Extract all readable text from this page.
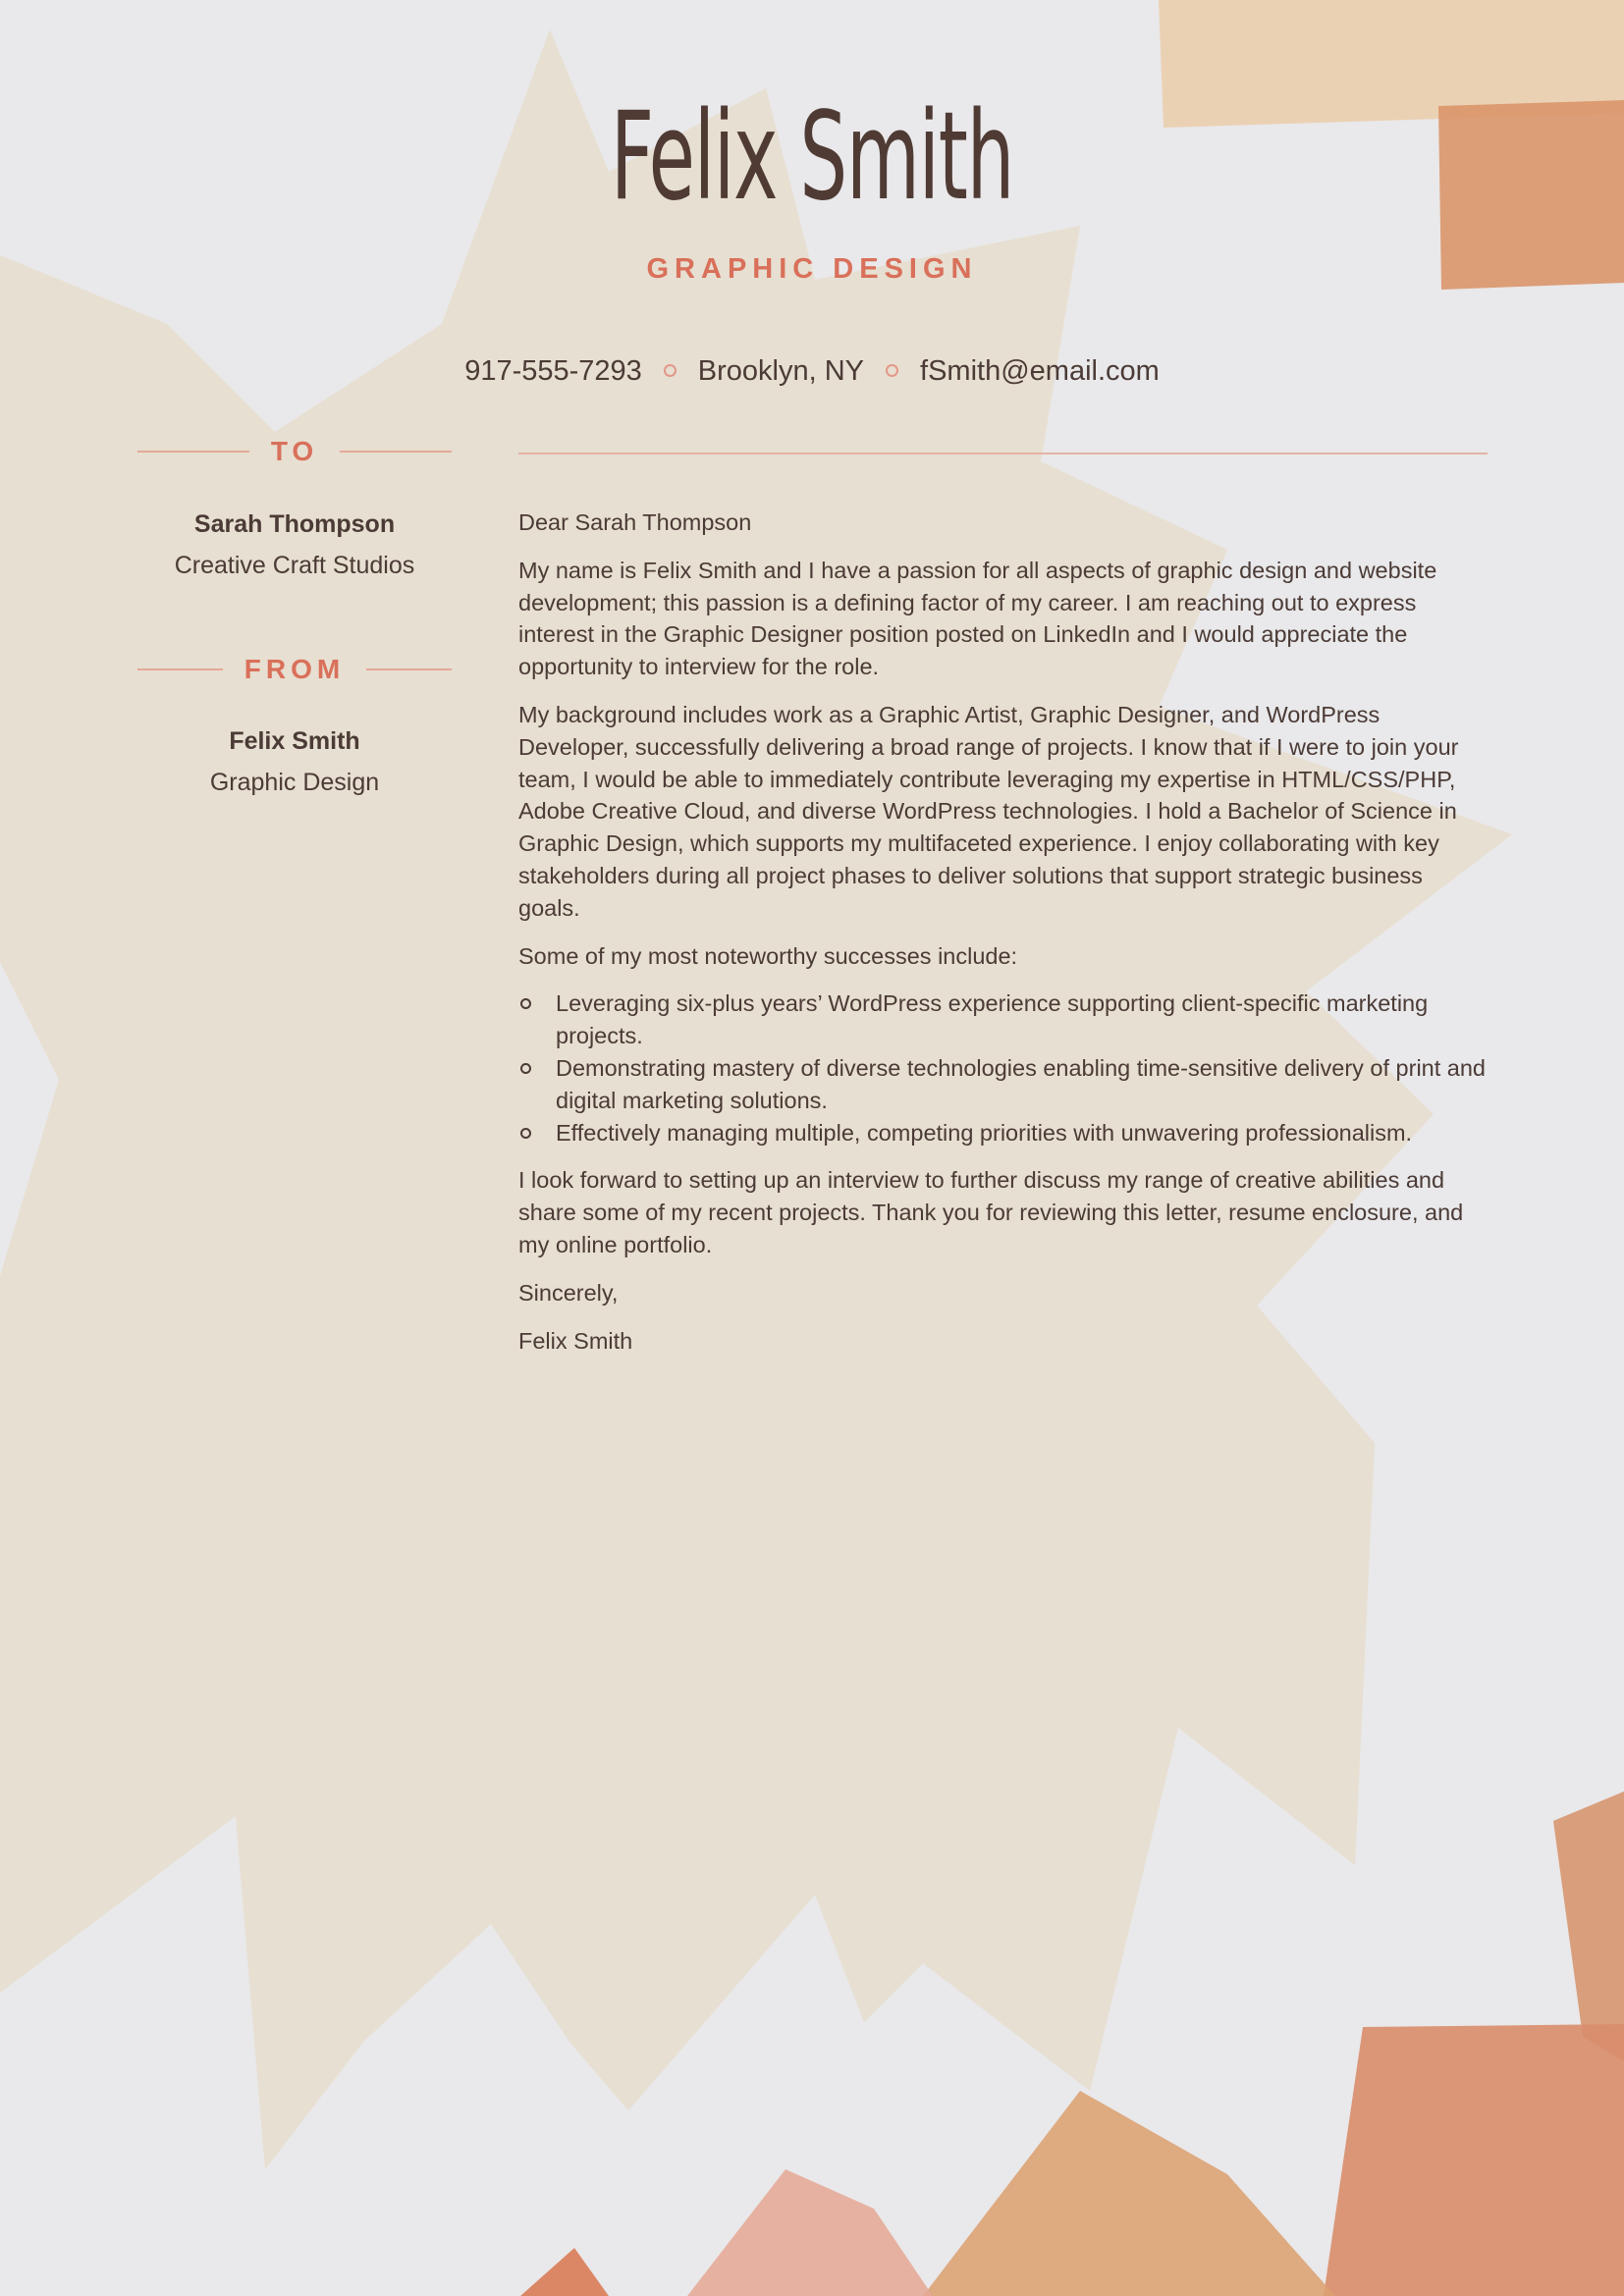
Felix Smith
GRAPHIC DESIGN
917-555-7293 Brooklyn, NY fSmith@email.com
TO
Sarah Thompson
Creative Craft Studios
FROM
Felix Smith
Graphic Design

Dear Sarah Thompson

My name is Felix Smith and I have a passion for all aspects of graphic design and website development; this passion is a defining factor of my career. I am reaching out to express interest in the Graphic Designer position posted on LinkedIn and I would appreciate the opportunity to interview for the role.

My background includes work as a Graphic Artist, Graphic Designer, and WordPress Developer, successfully delivering a broad range of projects. I know that if I were to join your team, I would be able to immediately contribute leveraging my expertise in HTML/CSS/PHP, Adobe Creative Cloud, and diverse WordPress technologies. I hold a Bachelor of Science in Graphic Design, which supports my multifaceted experience. I enjoy collaborating with key stakeholders during all project phases to deliver solutions that support strategic business goals.

Some of my most noteworthy successes include:

Leveraging six-plus years’ WordPress experience supporting client-specific marketing projects.
Demonstrating mastery of diverse technologies enabling time-sensitive delivery of print and digital marketing solutions.
Effectively managing multiple, competing priorities with unwavering professionalism.

I look forward to setting up an interview to further discuss my range of creative abilities and share some of my recent projects. Thank you for reviewing this letter, resume enclosure, and my online portfolio.

Sincerely,

Felix Smith
